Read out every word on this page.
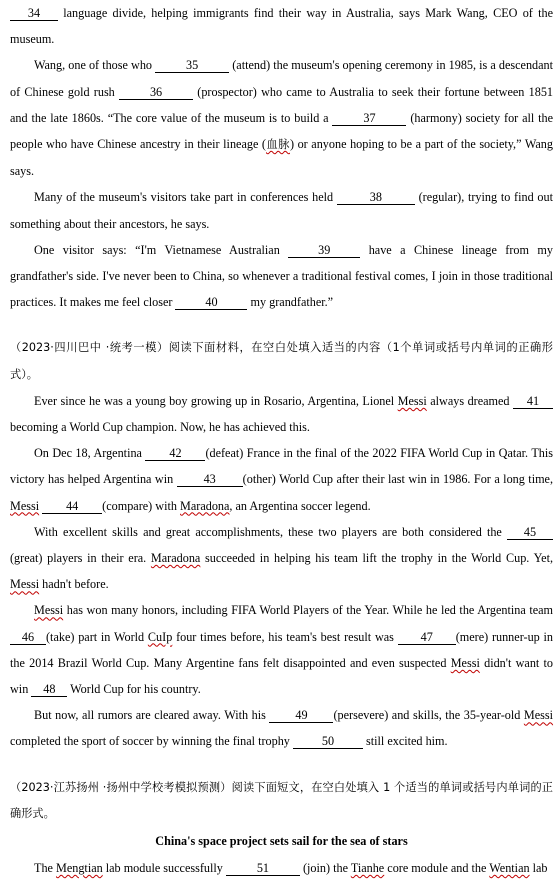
34 language divide, helping immigrants find their way in Australia, says Mark Wang, CEO of the museum.

Wang, one of those who	35	(attend) the museum's opening ceremony in 1985, is a descendant of Chinese gold rush	36	(prospector) who came to Australia to seek their fortune between 1851 and the late 1860s. “The core value of the museum is to build a	37	(harmony) society for all the people who have Chinese ancestry in their lineage (血脉) or anyone hoping to be a part of the society,” Wang says.

Many of the museum's visitors take part in conferences held	38	(regular), trying to find out something about their ancestors, he says.

One visitor says: “I'm Vietnamese Australian	39	have a Chinese lineage from my grandfather's side. I've never been to China, so whenever a traditional festival comes, I join in those traditional practices. It makes me feel closer	40	my grandfather.”

（2023·四川巴中 ·统考一模）阅读下面材料，在空白处填入适当的内容（1个单词或括号内单词的正确形式）。

Ever since he was a young boy growing up in Rosario, Argentina, Lionel Messi always dreamed 41 becoming a World Cup champion. Now, he has achieved this.

On Dec 18, Argentina 42 (defeat) France in the final of the 2022 FIFA World Cup in Qatar. This victory has helped Argentina win 43 (other) World Cup after their last win in 1986. For a long time, Messi 44 (compare) with Maradona, an Argentina soccer legend.

With excellent skills and great accomplishments, these two players are both considered the 45 (great) players in their era. Maradona succeeded in helping his team lift the trophy in the World Cup. Yet, Messi hadn't before.

Messi has won many honors, including FIFA World Players of the Year. While he led the Argentina team 46 (take) part in World CuIp four times before, his team's best result was 47 (mere) runner-up in the 2014 Brazil World Cup. Many Argentine fans felt disappointed and even suspected Messi didn't want to win 48 World Cup for his country.

But now, all rumors are cleared away. With his 49 (persevere) and skills, the 35-year-old Messi completed the sport of soccer by winning the final trophy	50	still excited him.

（2023·江苏扬州 ·扬州中学校考模拟预测）阅读下面短文，在空白处填入 1 个适当的单词或括号内单词的正确形式。

China's space project sets sail for the sea of stars

The Mengtian lab module successfully	51	(join) the Tianhe core module and the Wentian lab
